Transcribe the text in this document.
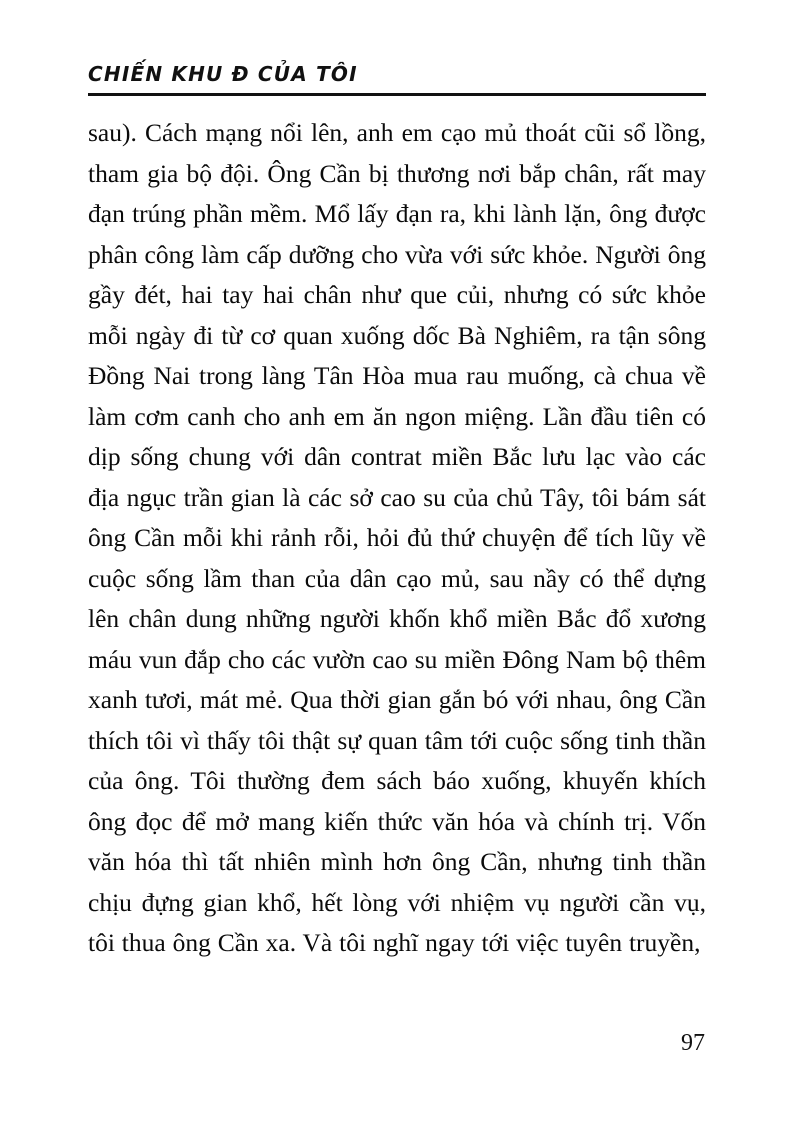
CHIẾN KHU Đ CỦA TÔI

sau). Cách mạng nổi lên, anh em cạo mủ thoát cũi sổ lồng, tham gia bộ đội. Ông Cần bị thương nơi bắp chân, rất may đạn trúng phần mềm. Mổ lấy đạn ra, khi lành lặn, ông được phân công làm cấp dưỡng cho vừa với sức khỏe. Người ông gầy đét, hai tay hai chân như que củi, nhưng có sức khỏe mỗi ngày đi từ cơ quan xuống dốc Bà Nghiêm, ra tận sông Đồng Nai trong làng Tân Hòa mua rau muống, cà chua về làm cơm canh cho anh em ăn ngon miệng. Lần đầu tiên có dịp sống chung với dân contrat miền Bắc lưu lạc vào các địa ngục trần gian là các sở cao su của chủ Tây, tôi bám sát ông Cần mỗi khi rảnh rỗi, hỏi đủ thứ chuyện để tích lũy về cuộc sống lầm than của dân cạo mủ, sau nầy có thể dựng lên chân dung những người khốn khổ miền Bắc đổ xương máu vun đắp cho các vườn cao su miền Đông Nam bộ thêm xanh tươi, mát mẻ. Qua thời gian gắn bó với nhau, ông Cần thích tôi vì thấy tôi thật sự quan tâm tới cuộc sống tinh thần của ông. Tôi thường đem sách báo xuống, khuyến khích ông đọc để mở mang kiến thức văn hóa và chính trị. Vốn văn hóa thì tất nhiên mình hơn ông Cần, nhưng tinh thần chịu đựng gian khổ, hết lòng với nhiệm vụ người cần vụ, tôi thua ông Cần xa. Và tôi nghĩ ngay tới việc tuyên truyền,

97
